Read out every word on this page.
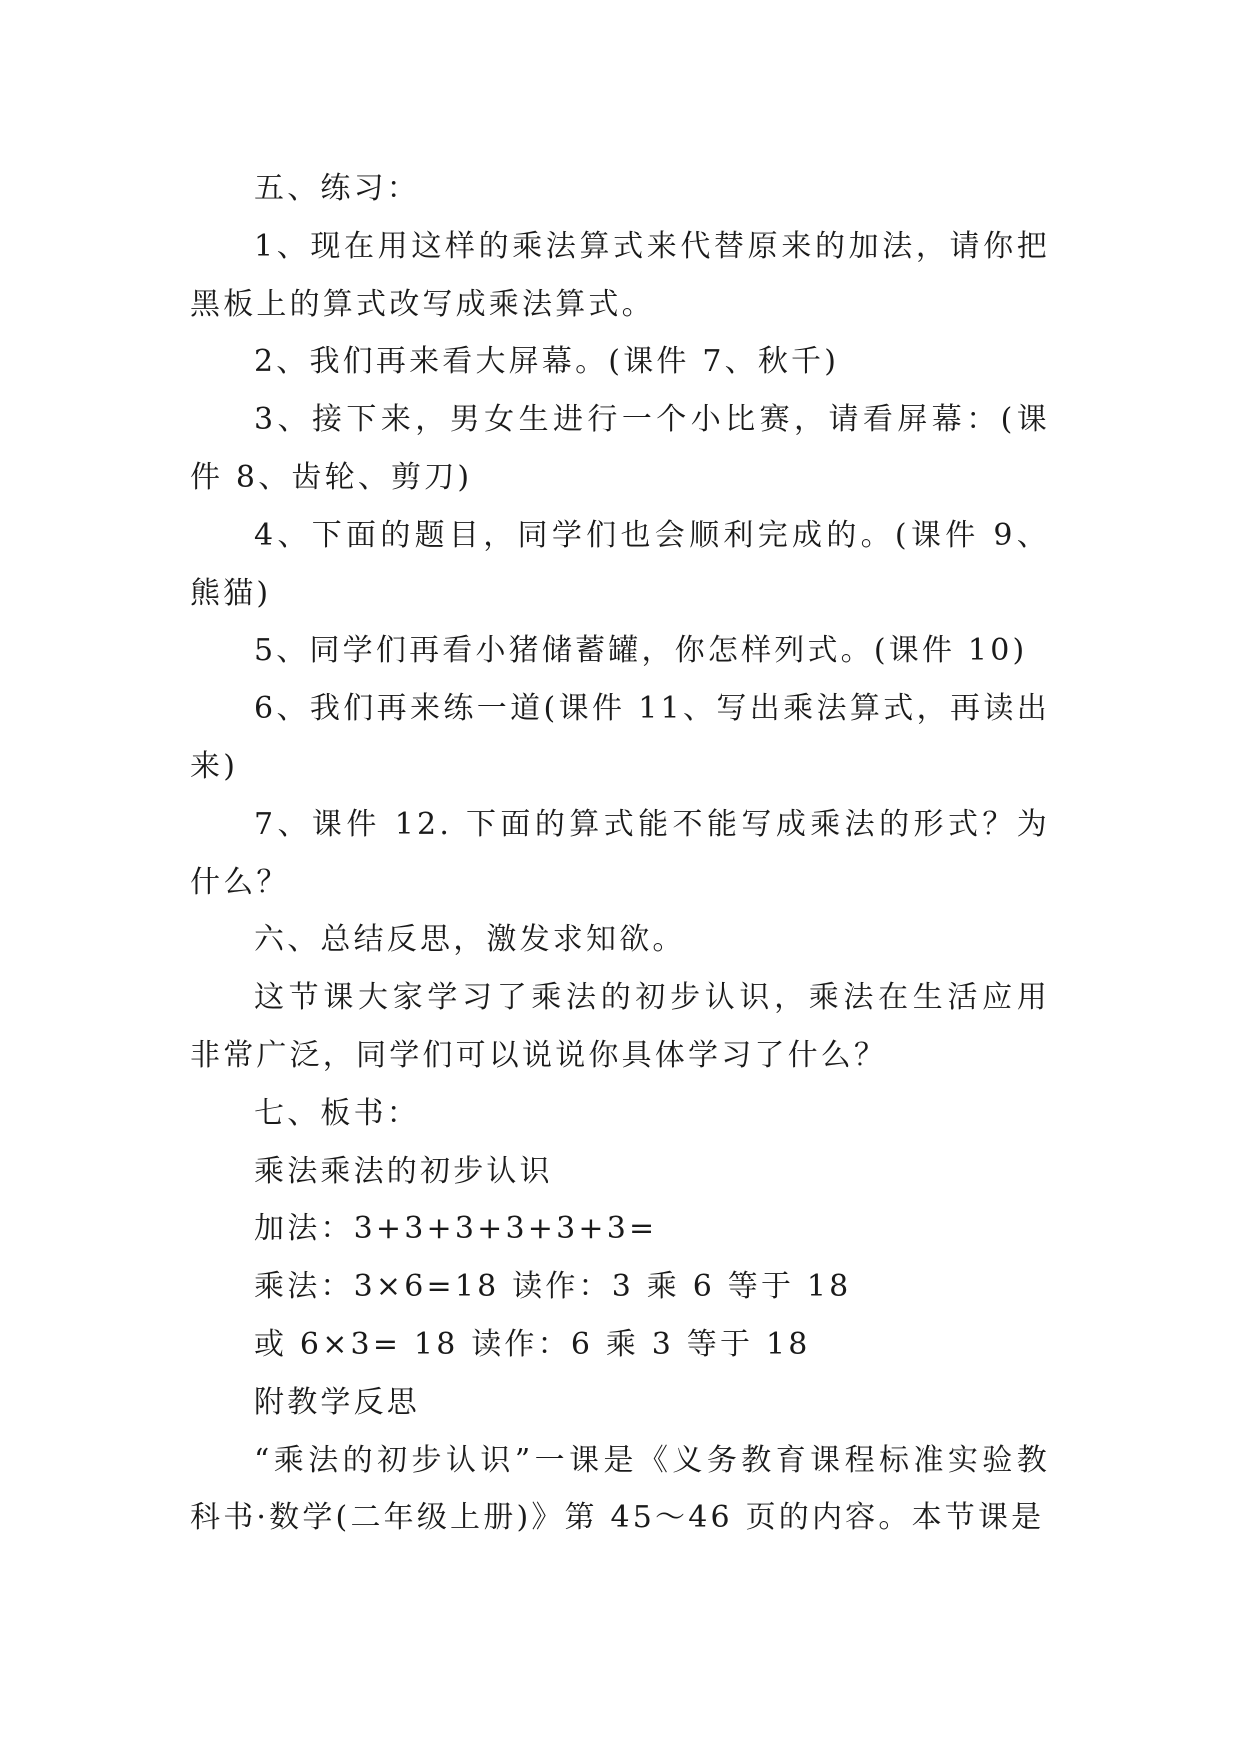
五、练习：

1、现在用这样的乘法算式来代替原来的加法，请你把黑板上的算式改写成乘法算式。

2、我们再来看大屏幕。(课件 7、秋千)

3、接下来，男女生进行一个小比赛，请看屏幕：(课件 8、齿轮、剪刀)

4、下面的题目，同学们也会顺利完成的。(课件 9、熊猫)

5、同学们再看小猪储蓄罐，你怎样列式。(课件 10)

6、我们再来练一道(课件 11、写出乘法算式，再读出来)

7、课件 12. 下面的算式能不能写成乘法的形式？为什么？

六、总结反思，激发求知欲。

这节课大家学习了乘法的初步认识，乘法在生活应用非常广泛，同学们可以说说你具体学习了什么？

七、板书：

乘法乘法的初步认识

加法：3+3+3+3+3+3=

乘法：3×6=18 读作：3 乘 6 等于 18

或 6×3= 18 读作：6 乘 3 等于 18

附教学反思

“乘法的初步认识”一课是《义务教育课程标准实验教科书·数学(二年级上册)》第 45～46 页的内容。本节课是
